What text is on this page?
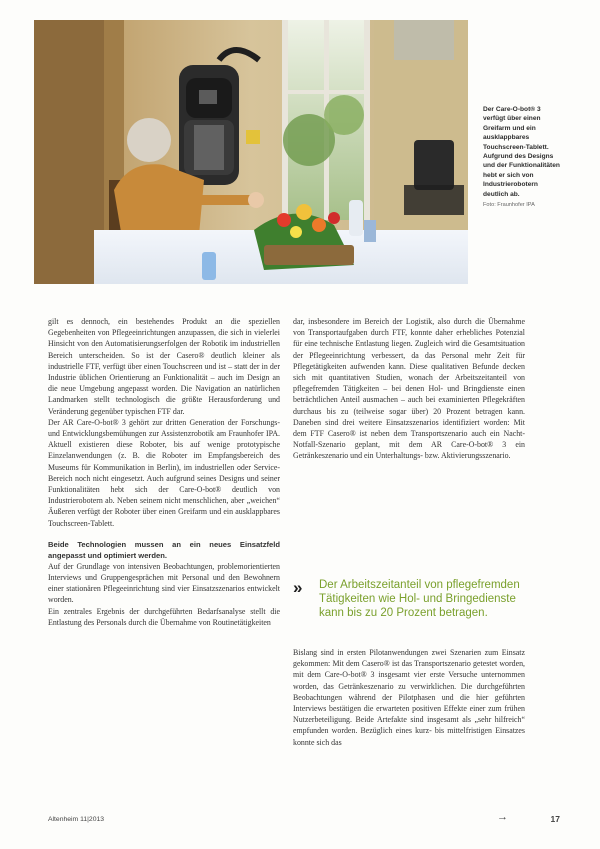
Der Care-O-bot® 3 verfügt über einen Greifarm und ein ausklappbares Touchscreen-Tablett. Aufgrund des Designs und der Funktionalitäten hebt er sich von Industrierobotern deutlich ab.
Foto: Fraunhofer IPA

gilt es dennoch, ein bestehendes Produkt an die speziellen Gegebenheiten von Pflegeeinrichtungen anzupassen, die sich in vielerlei Hinsicht von den Automatisierungserfolgen der Robotik im industriellen Bereich unterscheiden. So ist der Casero® deutlich kleiner als industrielle FTF, verfügt über einen Touchscreen und ist – statt der in der Industrie üblichen Orientierung an Funktionalität – auch im Design an die neue Umgebung angepasst worden. Die Navigation an natürlichen Landmarken stellt technologisch die größte Herausforderung und Veränderung gegenüber typischen FTF dar.

Der AR Care-O-bot® 3 gehört zur dritten Generation der Forschungs- und Entwicklungsbemühungen zur Assistenzrobotik am Fraunhofer IPA. Aktuell existieren diese Roboter, bis auf wenige prototypische Einzelanwendungen (z. B. die Roboter im Empfangsbereich des Museums für Kommunikation in Berlin), im industriellen oder Service-Bereich noch nicht eingesetzt. Auch aufgrund seines Designs und seiner Funktionalitäten hebt sich der Care-O-bot® deutlich von Industrierobotern ab. Neben seinem nicht menschlichen, aber „weichen“ Äußeren verfügt der Roboter über einen Greifarm und ein ausklappbares Touchscreen-Tablett.

Beide Technologien mussen an ein neues Einsatzfeld angepasst und optimiert werden.

Auf der Grundlage von intensiven Beobachtungen, problemorientierten Interviews und Gruppengesprächen mit Personal und den Bewohnern einer stationären Pflegeeinrichtung sind vier Einsatzszenarios entwickelt worden.

Ein zentrales Ergebnis der durchgeführten Bedarfsanalyse stellt die Entlastung des Personals durch die Übernahme von Routinetätigkeiten

dar, insbesondere im Bereich der Logistik, also durch die Übernahme von Transportaufgaben durch FTF, konnte daher erhebliches Potenzial für eine technische Entlastung liegen. Zugleich wird die Gesamtsituation der Pflegeeinrichtung verbessert, da das Personal mehr Zeit für Pflegetätigkeiten aufwenden kann. Diese qualitativen Befunde decken sich mit quantitativen Studien, wonach der Arbeitszeitanteil von pflegefremden Tätigkeiten – bei denen Hol- und Bringdienste einen beträchtlichen Anteil ausmachen – auch bei examinierten Pflegekräften durchaus bis zu (teilweise sogar über) 20 Prozent betragen kann. Daneben sind drei weitere Einsatzszenarios identifiziert worden: Mit dem FTF Casero® ist neben dem Transportszenario auch ein Nacht-Notfall-Szenario geplant, mit dem AR Care-O-bot® 3 ein Getränkeszenario und ein Unterhaltungs- bzw. Aktivierungsszenario.

» Der Arbeitszeitanteil von pflegefremden Tätigkeiten wie Hol- und Bringedienste kann bis zu 20 Prozent betragen.

Bislang sind in ersten Pilotanwendungen zwei Szenarien zum Einsatz gekommen: Mit dem Casero® ist das Transportszenario getestet worden, mit dem Care-O-bot® 3 insgesamt vier erste Versuche unternommen worden, das Getränkeszenario zu verwirklichen. Die durchgeführten Beobachtungen während der Pilotphasen und die hier geführten Interviews bestätigen die erwarteten positiven Effekte einer zum frühen Nutzerbeteiligung. Beide Artefakte sind insgesamt als „sehr hilfreich“ empfunden worden. Bezüglich eines kurz- bis mittelfristigen Einsatzes konnte sich das

Altenheim 11|2013	→	17
